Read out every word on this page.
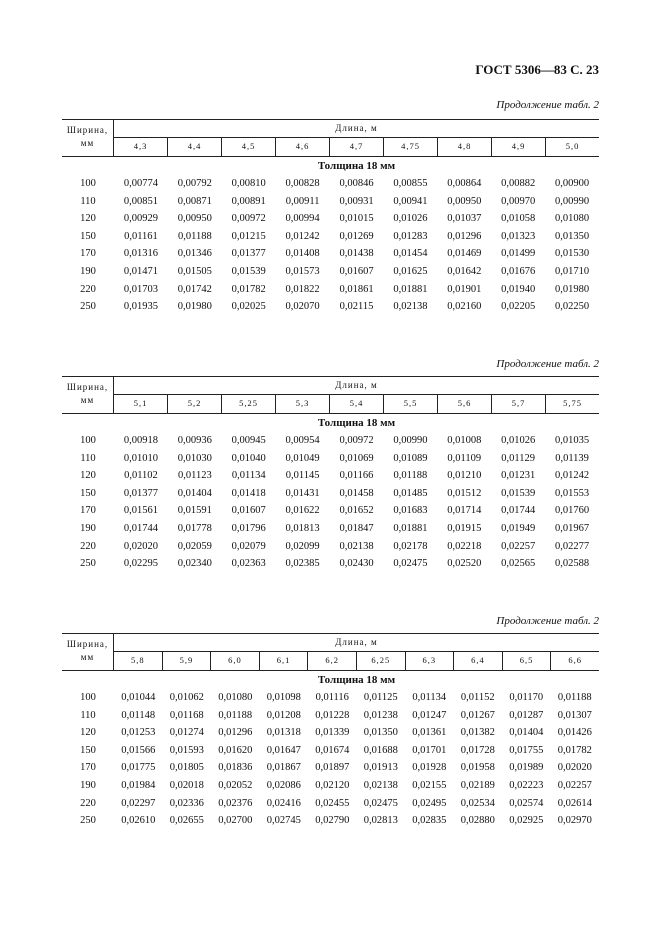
ГОСТ 5306—83 С. 23
Продолжение табл. 2
Ширина, мм
Длина, м
4,3	4,4	4,5	4,6	4,7	4,75	4,8	4,9	5,0
Толщина 18 мм
100	0,00774	0,00792	0,00810	0,00828	0,00846	0,00855	0,00864	0,00882	0,00900
110	0,00851	0,00871	0,00891	0,00911	0,00931	0,00941	0,00950	0,00970	0,00990
120	0,00929	0,00950	0,00972	0,00994	0,01015	0,01026	0,01037	0,01058	0,01080
150	0,01161	0,01188	0,01215	0,01242	0,01269	0,01283	0,01296	0,01323	0,01350
170	0,01316	0,01346	0,01377	0,01408	0,01438	0,01454	0,01469	0,01499	0,01530
190	0,01471	0,01505	0,01539	0,01573	0,01607	0,01625	0,01642	0,01676	0,01710
220	0,01703	0,01742	0,01782	0,01822	0,01861	0,01881	0,01901	0,01940	0,01980
250	0,01935	0,01980	0,02025	0,02070	0,02115	0,02138	0,02160	0,02205	0,02250
Продолжение табл. 2
Ширина, мм
Длина, м
5,1	5,2	5,25	5,3	5,4	5,5	5,6	5,7	5,75
Толщина 18 мм
100	0,00918	0,00936	0,00945	0,00954	0,00972	0,00990	0,01008	0,01026	0,01035
110	0,01010	0,01030	0,01040	0,01049	0,01069	0,01089	0,01109	0,01129	0,01139
120	0,01102	0,01123	0,01134	0,01145	0,01166	0,01188	0,01210	0,01231	0,01242
150	0,01377	0,01404	0,01418	0,01431	0,01458	0,01485	0,01512	0,01539	0,01553
170	0,01561	0,01591	0,01607	0,01622	0,01652	0,01683	0,01714	0,01744	0,01760
190	0,01744	0,01778	0,01796	0,01813	0,01847	0,01881	0,01915	0,01949	0,01967
220	0,02020	0,02059	0,02079	0,02099	0,02138	0,02178	0,02218	0,02257	0,02277
250	0,02295	0,02340	0,02363	0,02385	0,02430	0,02475	0,02520	0,02565	0,02588
Продолжение табл. 2
Ширина, мм
Длина, м
5,8	5,9	6,0	6,1	6,2	6,25	6,3	6,4	6,5	6,6
Толщина 18 мм
100	0,01044	0,01062	0,01080	0,01098	0,01116	0,01125	0,01134	0,01152	0,01170	0,01188
110	0,01148	0,01168	0,01188	0,01208	0,01228	0,01238	0,01247	0,01267	0,01287	0,01307
120	0,01253	0,01274	0,01296	0,01318	0,01339	0,01350	0,01361	0,01382	0,01404	0,01426
150	0,01566	0,01593	0,01620	0,01647	0,01674	0,01688	0,01701	0,01728	0,01755	0,01782
170	0,01775	0,01805	0,01836	0,01867	0,01897	0,01913	0,01928	0,01958	0,01989	0,02020
190	0,01984	0,02018	0,02052	0,02086	0,02120	0,02138	0,02155	0,02189	0,02223	0,02257
220	0,02297	0,02336	0,02376	0,02416	0,02455	0,02475	0,02495	0,02534	0,02574	0,02614
250	0,02610	0,02655	0,02700	0,02745	0,02790	0,02813	0,02835	0,02880	0,02925	0,02970
